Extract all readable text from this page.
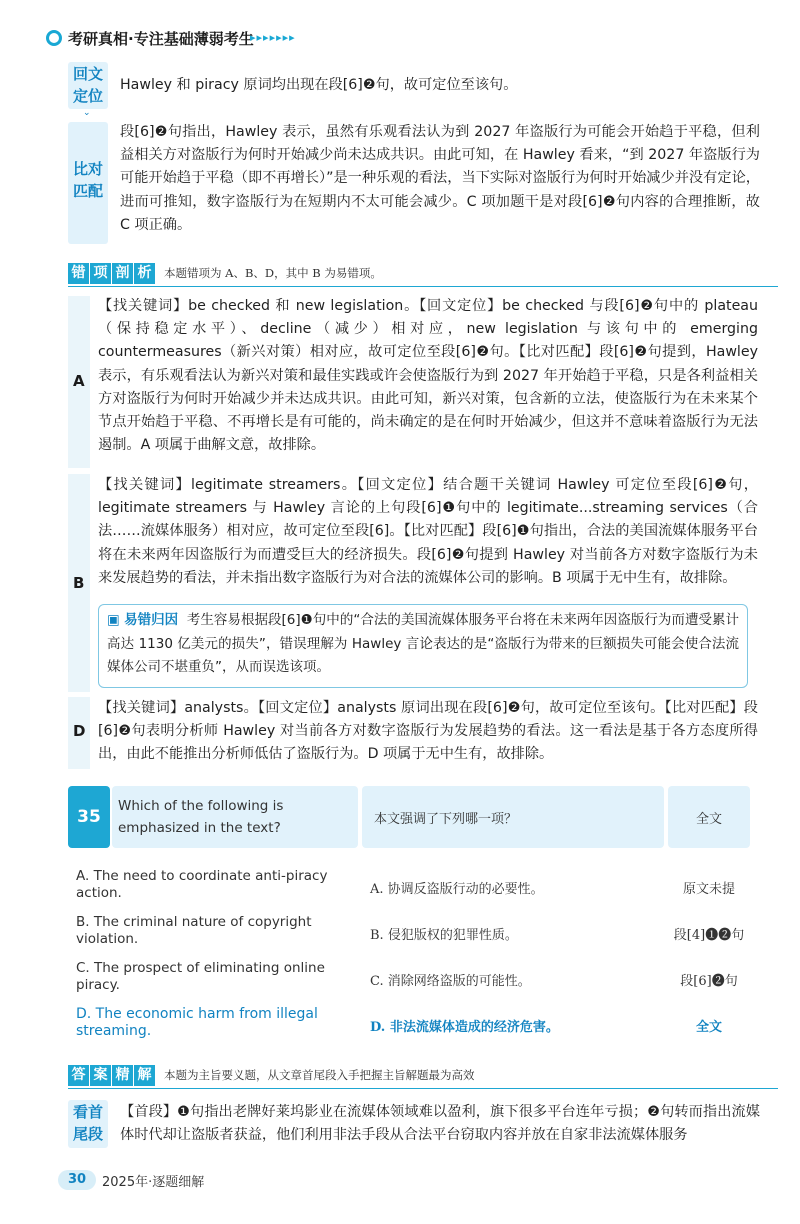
考研真相·专注基础薄弱考生
▸▸▸▸▸▸▸
回文定位
⌄
Hawley 和 piracy 原词均出现在段[6]❷句，故可定位至该句。
比对匹配
段[6]❷句指出，Hawley 表示，虽然有乐观看法认为到 2027 年盗版行为可能会开始趋于平稳，但利益相关方对盗版行为何时开始减少尚未达成共识。由此可知，在 Hawley 看来，“到 2027 年盗版行为可能开始趋于平稳（即不再增长）”是一种乐观的看法，当下实际对盗版行为何时开始减少并没有定论，进而可推知，数字盗版行为在短期内不太可能会减少。C 项加题干是对段[6]❷句内容的合理推断，故 C 项正确。
错 项 剖 析 本题错项为 A、B、D，其中 B 为易错项。
A
【找关键词】be checked 和 new legislation。【回文定位】be checked 与段[6]❷句中的 plateau（保持稳定水平）、decline（减少）相对应，new legislation 与该句中的 emerging countermeasures（新兴对策）相对应，故可定位至段[6]❷句。【比对匹配】段[6]❷句提到，Hawley 表示，有乐观看法认为新兴对策和最佳实践或许会使盗版行为到 2027 年开始趋于平稳，只是各利益相关方对盗版行为何时开始减少并未达成共识。由此可知，新兴对策，包含新的立法，使盗版行为在未来某个节点开始趋于平稳、不再增长是有可能的，尚未确定的是在何时开始减少，但这并不意味着盗版行为无法遏制。A 项属于曲解文意，故排除。
B
【找关键词】legitimate streamers。【回文定位】结合题干关键词 Hawley 可定位至段[6]❷句，legitimate streamers 与 Hawley 言论的上句段[6]❶句中的 legitimate...streaming services（合法……流媒体服务）相对应，故可定位至段[6]。【比对匹配】段[6]❶句指出，合法的美国流媒体服务平台将在未来两年因盗版行为而遭受巨大的经济损失。段[6]❷句提到 Hawley 对当前各方对数字盗版行为未来发展趋势的看法，并未指出数字盗版行为对合法的流媒体公司的影响。B 项属于无中生有，故排除。
▣ 易错归因 考生容易根据段[6]❶句中的“合法的美国流媒体服务平台将在未来两年因盗版行为而遭受累计高达 1130 亿美元的损失”，错误理解为 Hawley 言论表达的是“盗版行为带来的巨额损失可能会使合法流媒体公司不堪重负”，从而误选该项。
D
【找关键词】analysts。【回文定位】analysts 原词出现在段[6]❷句，故可定位至该句。【比对匹配】段[6]❷句表明分析师 Hawley 对当前各方对数字盗版行为发展趋势的看法。这一看法是基于各方态度所得出，由此不能推出分析师低估了盗版行为。D 项属于无中生有，故排除。
35
Which of the following is emphasized in the text?
本文强调了下列哪一项？	全文
A. The need to coordinate anti-piracy action.	A. 协调反盗版行动的必要性。	原文未提
B. The criminal nature of copyright violation.	B. 侵犯版权的犯罪性质。	段[4]❶❷句
C. The prospect of eliminating online piracy.	C. 消除网络盗版的可能性。	段[6]❷句
D. The economic harm from illegal streaming.	D. 非法流媒体造成的经济危害。	全文
答 案 精 解 本题为主旨要义题，从文章首尾段入手把握主旨解题最为高效
看首尾段
【首段】❶句指出老牌好莱坞影业在流媒体领域难以盈利，旗下很多平台连年亏损；❷句转而指出流媒体时代却让盗版者获益，他们利用非法手段从合法平台窃取内容并放在自家非法流媒体服务
30	2025年·逐题细解
